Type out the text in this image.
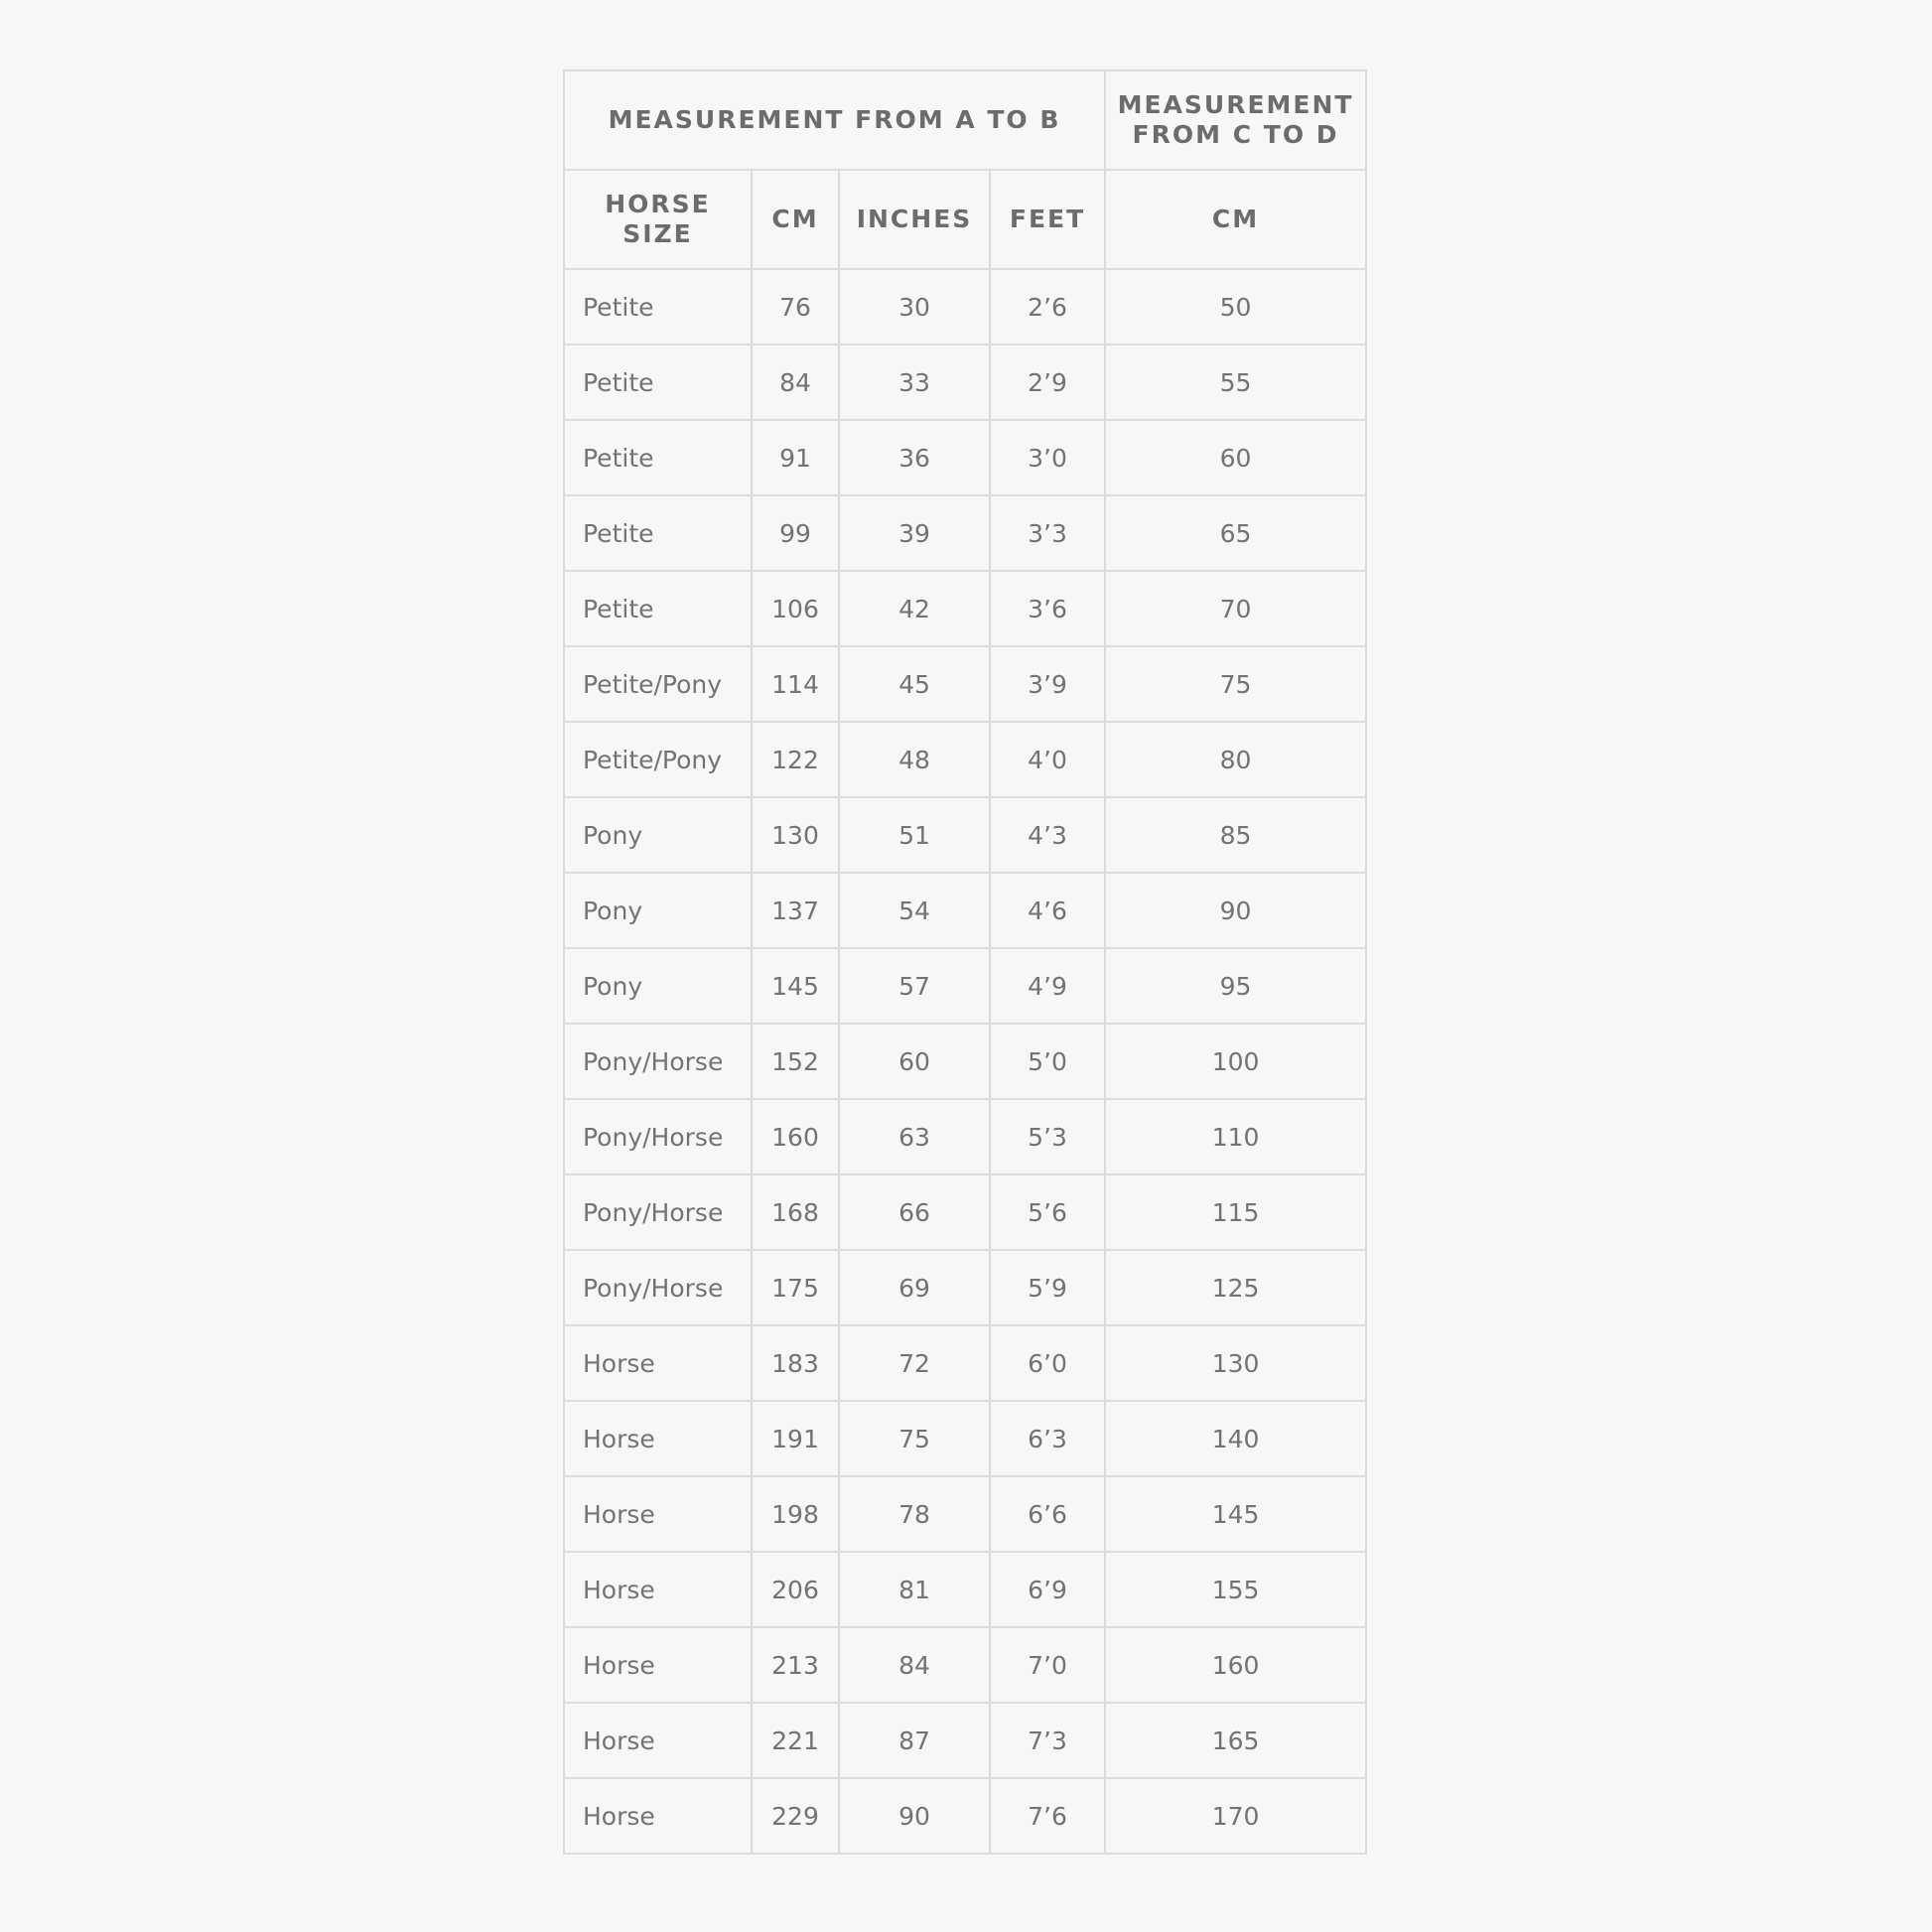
MEASUREMENT FROM A TO B				MEASUREMENT FROM C TO D
HORSE SIZE	CM	INCHES	FEET	CM
Petite	76	30	2’6	50
Petite	84	33	2’9	55
Petite	91	36	3’0	60
Petite	99	39	3’3	65
Petite	106	42	3’6	70
Petite/Pony	114	45	3’9	75
Petite/Pony	122	48	4’0	80
Pony	130	51	4’3	85
Pony	137	54	4’6	90
Pony	145	57	4’9	95
Pony/Horse	152	60	5’0	100
Pony/Horse	160	63	5’3	110
Pony/Horse	168	66	5’6	115
Pony/Horse	175	69	5’9	125
Horse	183	72	6’0	130
Horse	191	75	6’3	140
Horse	198	78	6’6	145
Horse	206	81	6’9	155
Horse	213	84	7’0	160
Horse	221	87	7’3	165
Horse	229	90	7’6	170
